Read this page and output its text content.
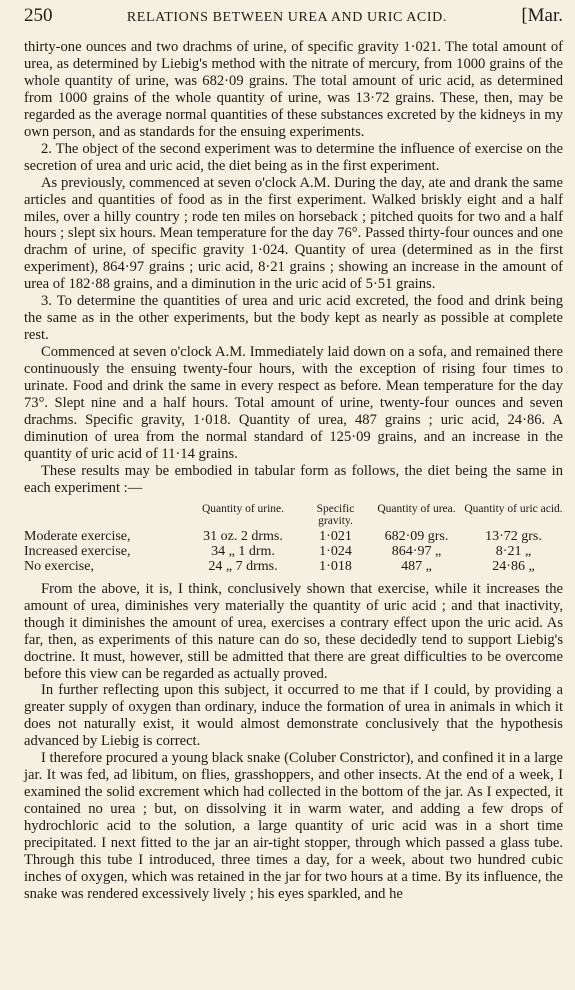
250	RELATIONS BETWEEN UREA AND URIC ACID.	[Mar.

thirty-one ounces and two drachms of urine, of specific gravity 1·021. The total amount of urea, as determined by Liebig's method with the nitrate of mercury, from 1000 grains of the whole quantity of urine, was 682·09 grains. The total amount of uric acid, as determined from 1000 grains of the whole quantity of urine, was 13·72 grains. These, then, may be regarded as the average normal quantities of these substances excreted by the kidneys in my own person, and as standards for the ensuing experiments.

2. The object of the second experiment was to determine the influence of exercise on the secretion of urea and uric acid, the diet being as in the first experiment.

As previously, commenced at seven o'clock A.M. During the day, ate and drank the same articles and quantities of food as in the first experiment. Walked briskly eight and a half miles, over a hilly country ; rode ten miles on horseback ; pitched quoits for two and a half hours ; slept six hours. Mean temperature for the day 76°. Passed thirty-four ounces and one drachm of urine, of specific gravity 1·024. Quantity of urea (determined as in the first experiment), 864·97 grains ; uric acid, 8·21 grains ; showing an increase in the amount of urea of 182·88 grains, and a diminution in the uric acid of 5·51 grains.

3. To determine the quantities of urea and uric acid excreted, the food and drink being the same as in the other experiments, but the body kept as nearly as possible at complete rest.

Commenced at seven o'clock A.M. Immediately laid down on a sofa, and remained there continuously the ensuing twenty-four hours, with the exception of rising four times to urinate. Food and drink the same in every respect as before. Mean temperature for the day 73°. Slept nine and a half hours. Total amount of urine, twenty-four ounces and seven drachms. Specific gravity, 1·018. Quantity of urea, 487 grains ; uric acid, 24·86. A diminution of urea from the normal standard of 125·09 grains, and an increase in the quantity of uric acid of 11·14 grains.

These results may be embodied in tabular form as follows, the diet being the same in each experiment :—

	Quantity of urine.	Specific gravity.	Quantity of urea.	Quantity of uric acid.
Moderate exercise,	31 oz. 2 drms.	1·021	682·09 grs.	13·72 grs.
Increased exercise,	34 „ 1 drm.	1·024	864·97 „	8·21 „
No exercise,	24 „ 7 drms.	1·018	487 „	24·86 „

From the above, it is, I think, conclusively shown that exercise, while it increases the amount of urea, diminishes very materially the quantity of uric acid ; and that inactivity, though it diminishes the amount of urea, exercises a contrary effect upon the uric acid. As far, then, as experiments of this nature can do so, these decidedly tend to support Liebig's doctrine. It must, however, still be admitted that there are great difficulties to be overcome before this view can be regarded as actually proved.

In further reflecting upon this subject, it occurred to me that if I could, by providing a greater supply of oxygen than ordinary, induce the formation of urea in animals in which it does not naturally exist, it would almost demonstrate conclusively that the hypothesis advanced by Liebig is correct.

I therefore procured a young black snake (Coluber Constrictor), and confined it in a large jar. It was fed, ad libitum, on flies, grasshoppers, and other insects. At the end of a week, I examined the solid excrement which had collected in the bottom of the jar. As I expected, it contained no urea ; but, on dissolving it in warm water, and adding a few drops of hydrochloric acid to the solution, a large quantity of uric acid was in a short time precipitated. I next fitted to the jar an air-tight stopper, through which passed a glass tube. Through this tube I introduced, three times a day, for a week, about two hundred cubic inches of oxygen, which was retained in the jar for two hours at a time. By its influence, the snake was rendered excessively lively ; his eyes sparkled, and he
